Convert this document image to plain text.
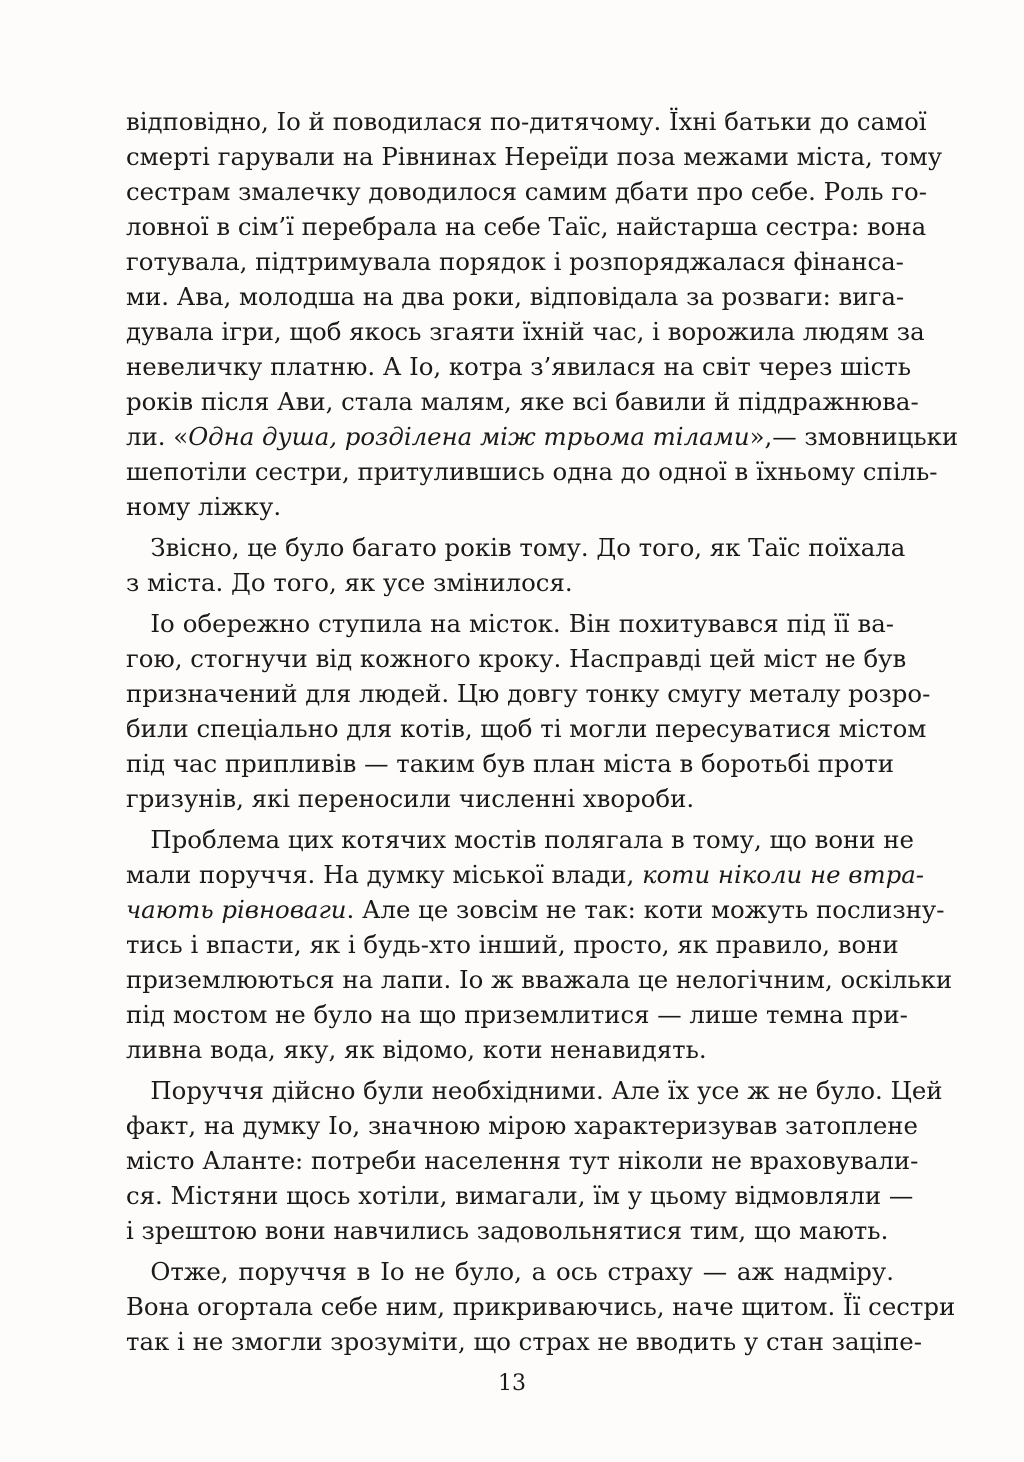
відповідно, Іо й поводилася по-дитячому. Їхні батьки до самої
смерті гарували на Рівнинах Нереїди поза межами міста, тому
сестрам змалечку доводилося самим дбати про себе. Роль го-
ловної в сім’ї перебрала на себе Таїс, найстарша сестра: вона
готувала, підтримувала порядок і розпоряджалася фінанса-
ми. Ава, молодша на два роки, відповідала за розваги: вига-
дувала ігри, щоб якось згаяти їхній час, і ворожила людям за
невеличку платню. А Іо, котра з’явилася на світ через шість
років після Ави, стала малям, яке всі бавили й піддражнюва-
ли. «Одна душа, розділена між трьома тілами»,— змовницьки
шепотіли сестри, притулившись одна до одної в їхньому спіль-
ному ліжку.
 Звісно, це було багато років тому. До того, як Таїс поїхала
з міста. До того, як усе змінилося.
 Іо обережно ступила на місток. Він похитувався під її ва-
гою, стогнучи від кожного кроку. Насправді цей міст не був
призначений для людей. Цю довгу тонку смугу металу розро-
били спеціально для котів, щоб ті могли пересуватися містом
під час припливів — таким був план міста в боротьбі проти
гризунів, які переносили численні хвороби.
 Проблема цих котячих мостів полягала в тому, що вони не
мали поруччя. На думку міської влади, коти ніколи не втра-
чають рівноваги. Але це зовсім не так: коти можуть послизну-
тись і впасти, як і будь-хто інший, просто, як правило, вони
приземлюються на лапи. Іо ж вважала це нелогічним, оскільки
під мостом не було на що приземлитися — лише темна при-
ливна вода, яку, як відомо, коти ненавидять.
 Поруччя дійсно були необхідними. Але їх усе ж не було. Цей
факт, на думку Іо, значною мірою характеризував затоплене
місто Аланте: потреби населення тут ніколи не враховували-
ся. Містяни щось хотіли, вимагали, їм у цьому відмовляли —
і зрештою вони навчились задовольнятися тим, що мають.
 Отже, поруччя в Іо не було, а ось страху — аж надміру.
Вона огортала себе ним, прикриваючись, наче щитом. Її сестри
так і не змогли зрозуміти, що страх не вводить у стан заціпе-
13
